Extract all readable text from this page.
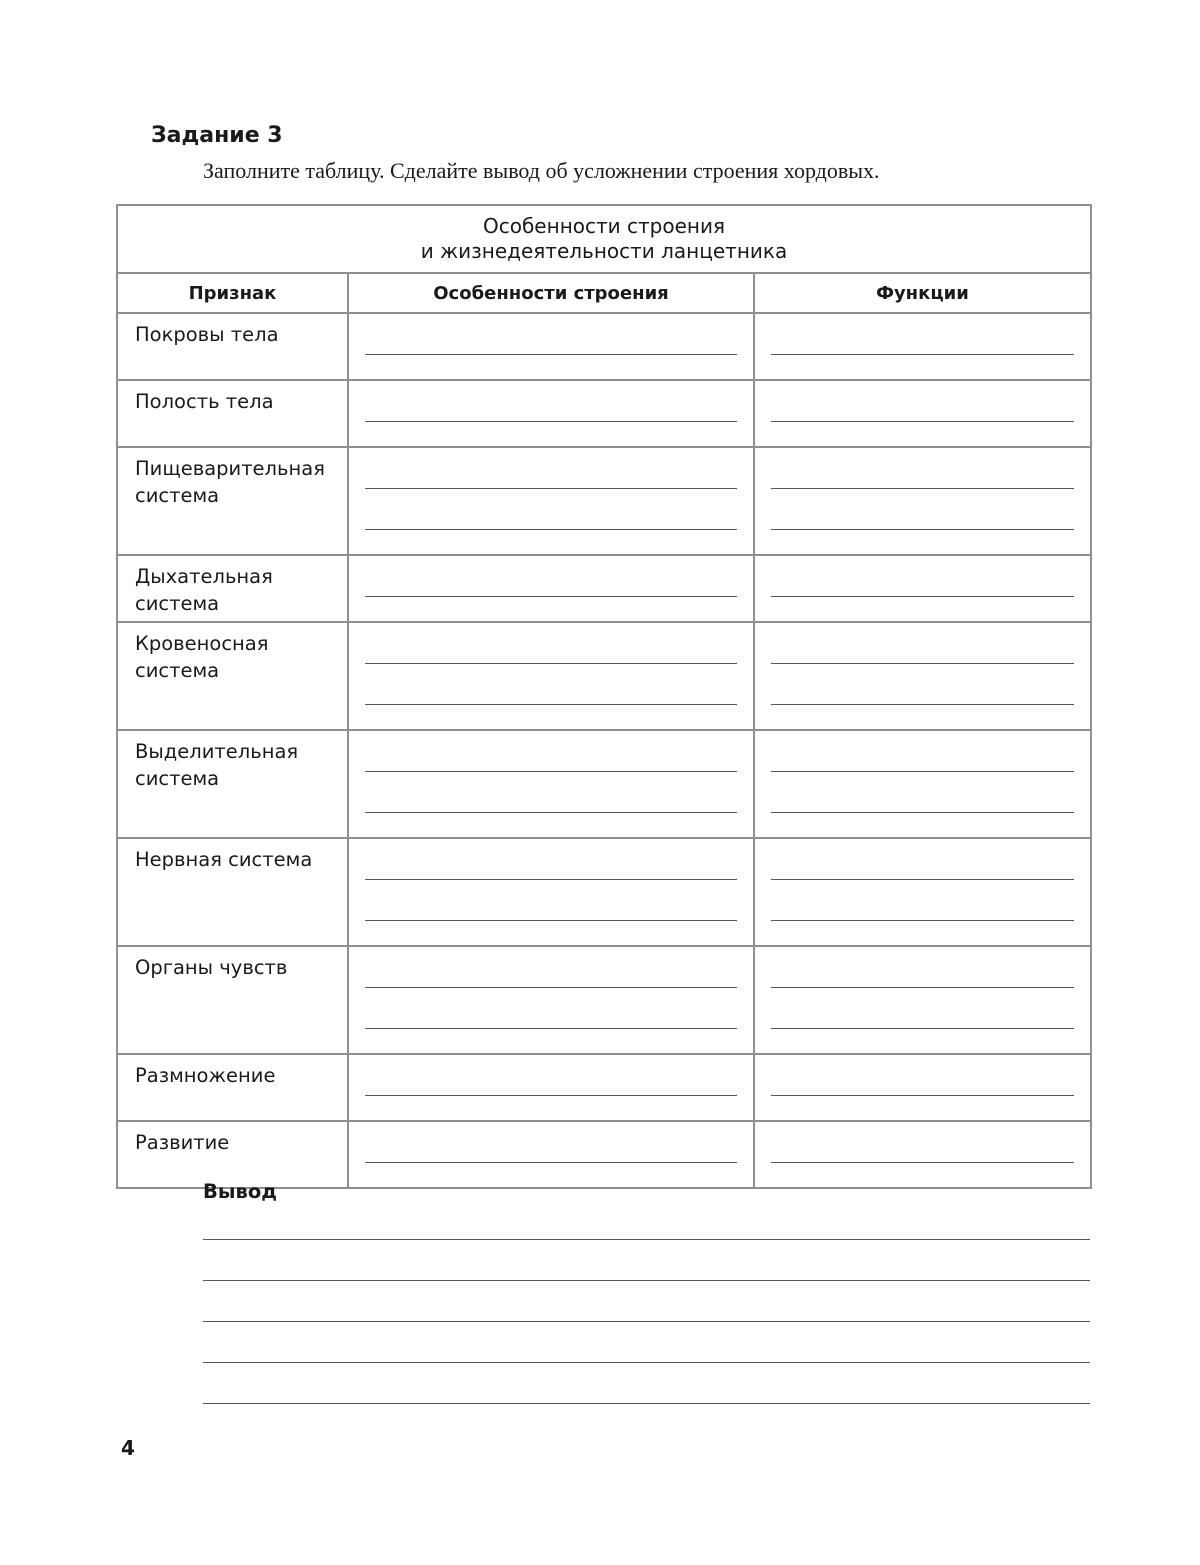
Задание 3
Заполните таблицу. Сделайте вывод об усложнении строения хордовых.
Особенности строения
и жизнедеятельности ланцетника		

Признак	Особенности строения	Функции

Покровы тела		

Полость тела		

Пищеварительная
система		

Дыхательная
система		

Кровеносная
система		

Выделительная
система		

Нервная система		

Органы чувств		

Размножение		

Развитие		

Вывод
4
